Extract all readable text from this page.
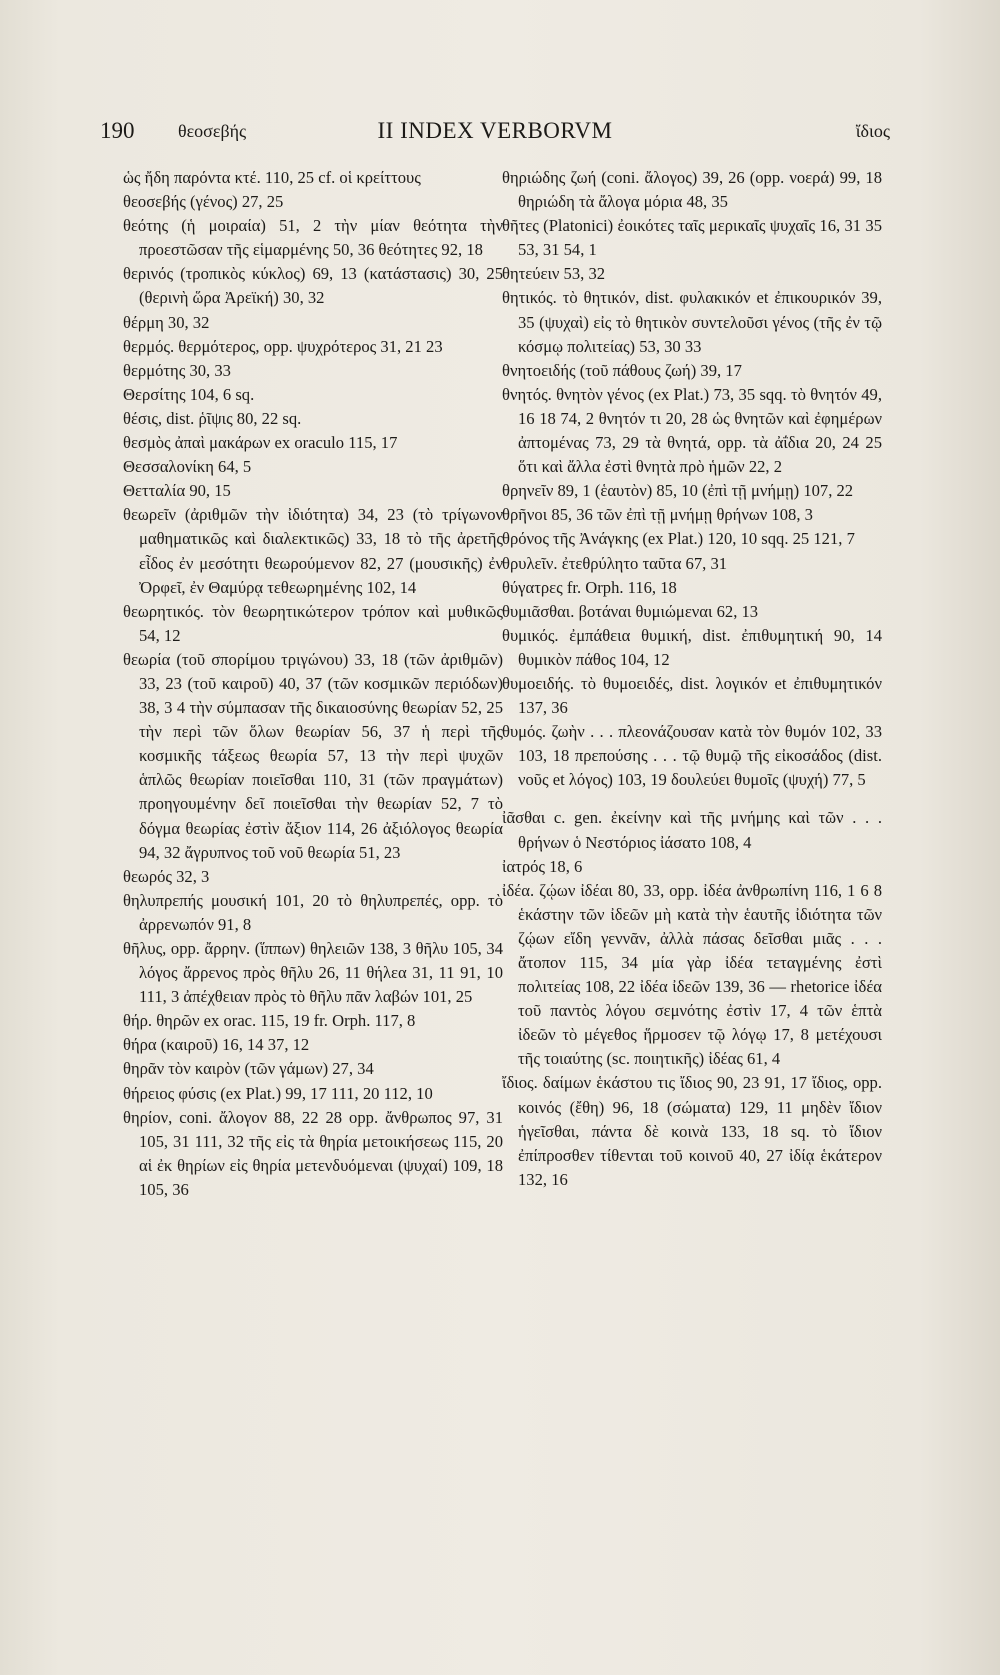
190 θεοσεβής	II INDEX VERBORVM	ἴδιος

ὡς ἤδη παρόντα κτέ. 110, 25 cf. οἱ κρείττους

θεοσεβής (γένος) 27, 25

θεότης (ἡ μοιραία) 51, 2 τὴν μίαν θεότητα τὴν προεστῶσαν τῆς εἱμαρμένης 50, 36 θεότητες 92, 18

θερινός (τροπικὸς κύκλος) 69, 13 (κατάστασις) 30, 25 (θερινὴ ὥρα Ἀρεϊκή) 30, 32

θέρμη 30, 32

θερμός. θερμότερος, opp. ψυχρότερος 31, 21 23

θερμότης 30, 33

Θερσίτης 104, 6 sq.

θέσις, dist. ῥῖψις 80, 22 sq.

θεσμὸς ἀπαὶ μακάρων ex oraculo 115, 17

Θεσσαλονίκη 64, 5

Θετταλία 90, 15

θεωρεῖν (ἀριθμῶν τὴν ἰδιότητα) 34, 23 (τὸ τρίγωνον μαθηματικῶς καὶ διαλεκτικῶς) 33, 18 τὸ τῆς ἀρετῆς εἶδος ἐν μεσότητι θεωρούμενον 82, 27 (μουσικῆς) ἐν Ὀρφεῖ, ἐν Θαμύρᾳ τεθεωρημένης 102, 14

θεωρητικός. τὸν θεωρητικώτερον τρόπον καὶ μυθικῶς 54, 12

θεωρία (τοῦ σπορίμου τριγώνου) 33, 18 (τῶν ἀριθμῶν) 33, 23 (τοῦ καιροῦ) 40, 37 (τῶν κοσμικῶν περιόδων) 38, 3 4 τὴν σύμπασαν τῆς δικαιοσύνης θεωρίαν 52, 25 τὴν περὶ τῶν ὅλων θεωρίαν 56, 37 ἡ περὶ τῆς κοσμικῆς τάξεως θεωρία 57, 13 τὴν περὶ ψυχῶν ἁπλῶς θεωρίαν ποιεῖσθαι 110, 31 (τῶν πραγμάτων) προηγουμένην δεῖ ποιεῖσθαι τὴν θεωρίαν 52, 7 τὸ δόγμα θεωρίας ἐστὶν ἄξιον 114, 26 ἀξιόλογος θεωρία 94, 32 ἄγρυπνος τοῦ νοῦ θεωρία 51, 23

θεωρός 32, 3

θηλυπρεπής μουσική 101, 20 τὸ θηλυπρεπές, opp. τὸ ἀρρενωπόν 91, 8

θῆλυς, opp. ἄρρην. (ἵππων) θηλειῶν 138, 3 θῆλυ 105, 34 λόγος ἄρρενος πρὸς θῆλυ 26, 11 θήλεα 31, 11 91, 10 111, 3 ἀπέχθειαν πρὸς τὸ θῆλυ πᾶν λαβών 101, 25

θήρ. θηρῶν ex orac. 115, 19 fr. Orph. 117, 8

θήρα (καιροῦ) 16, 14 37, 12

θηρᾶν τὸν καιρὸν (τῶν γάμων) 27, 34

θήρειος φύσις (ex Plat.) 99, 17 111, 20 112, 10

θηρίον, coni. ἄλογον 88, 22 28 opp. ἄνθρωπος 97, 31 105, 31 111, 32 τῆς εἰς τὰ θηρία μετοικήσεως 115, 20 αἱ ἐκ θηρίων εἰς θηρία μετενδυόμεναι (ψυχαί) 109, 18 105, 36

θηριώδης ζωή (coni. ἄλογος) 39, 26 (opp. νοερά) 99, 18 θηριώδη τὰ ἄλογα μόρια 48, 35

θῆτες (Platonici) ἐοικότες ταῖς μερικαῖς ψυχαῖς 16, 31 35 53, 31 54, 1

θητεύειν 53, 32

θητικός. τὸ θητικόν, dist. φυλακικόν et ἐπικουρικόν 39, 35 (ψυχαὶ) εἰς τὸ θητικὸν συντελοῦσι γένος (τῆς ἐν τῷ κόσμῳ πολιτείας) 53, 30 33

θνητοειδής (τοῦ πάθους ζωή) 39, 17

θνητός. θνητὸν γένος (ex Plat.) 73, 35 sqq. τὸ θνητόν 49, 16 18 74, 2 θνητόν τι 20, 28 ὡς θνητῶν καὶ ἐφημέρων ἀπτομένας 73, 29 τὰ θνητά, opp. τὰ ἀΐδια 20, 24 25 ὅτι καὶ ἄλλα ἐστὶ θνητὰ πρὸ ἡμῶν 22, 2

θρηνεῖν 89, 1 (ἑαυτὸν) 85, 10 (ἐπὶ τῇ μνήμῃ) 107, 22

θρῆνοι 85, 36 τῶν ἐπὶ τῇ μνήμῃ θρήνων 108, 3

θρόνος τῆς Ἀνάγκης (ex Plat.) 120, 10 sqq. 25 121, 7

θρυλεῖν. ἐτεθρύλητο ταῦτα 67, 31

θύγατρες fr. Orph. 116, 18

θυμιᾶσθαι. βοτάναι θυμιώμεναι 62, 13

θυμικός. ἐμπάθεια θυμική, dist. ἐπιθυμητική 90, 14 θυμικὸν πάθος 104, 12

θυμοειδής. τὸ θυμοειδές, dist. λογικόν et ἐπιθυμητικόν 137, 36

θυμός. ζωὴν . . . πλεονάζουσαν κατὰ τὸν θυμόν 102, 33 103, 18 πρεπούσης . . . τῷ θυμῷ τῆς εἰκοσάδος (dist. νοῦς et λόγος) 103, 19 δουλεύει θυμοῖς (ψυχή) 77, 5

ἰᾶσθαι c. gen. ἐκείνην καὶ τῆς μνήμης καὶ τῶν . . . θρήνων ὁ Νεστόριος ἰάσατο 108, 4

ἰατρός 18, 6

ἰδέα. ζῴων ἰδέαι 80, 33, opp. ἰδέα ἀνθρωπίνη 116, 1 6 8 ἑκάστην τῶν ἰδεῶν μὴ κατὰ τὴν ἑαυτῆς ἰδιότητα τῶν ζῴων εἴδη γεννᾶν, ἀλλὰ πάσας δεῖσθαι μιᾶς . . . ἄτοπον 115, 34 μία γὰρ ἰδέα τεταγμένης ἐστὶ πολιτείας 108, 22 ἰδέα ἰδεῶν 139, 36 — rhetorice ἰδέα τοῦ παντὸς λόγου σεμνότης ἐστὶν 17, 4 τῶν ἑπτὰ ἰδεῶν τὸ μέγεθος ἥρμοσεν τῷ λόγῳ 17, 8 μετέχουσι τῆς τοιαύτης (sc. ποιητικῆς) ἰδέας 61, 4

ἴδιος. δαίμων ἑκάστου τις ἴδιος 90, 23 91, 17 ἴδιος, opp. κοινός (ἔθη) 96, 18 (σώματα) 129, 11 μηδὲν ἴδιον ἡγεῖσθαι, πάντα δὲ κοινὰ 133, 18 sq. τὸ ἴδιον ἐπίπροσθεν τίθενται τοῦ κοινοῦ 40, 27 ἰδίᾳ ἑκάτερον 132, 16
